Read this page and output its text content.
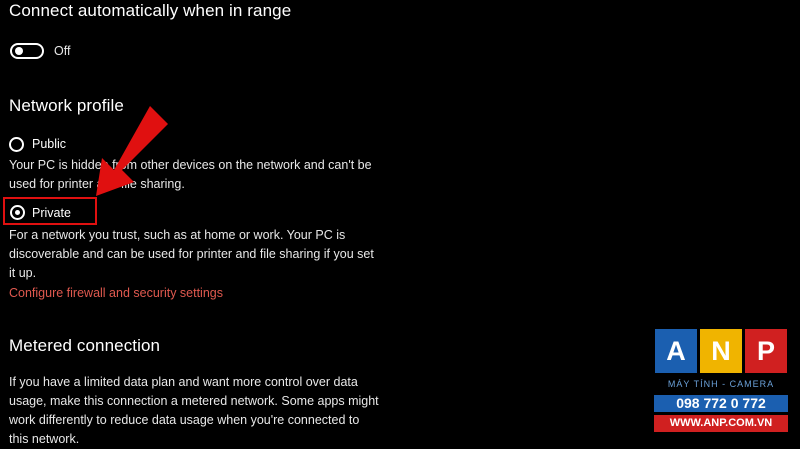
Connect automatically when in range
Off
Network profile
Public
Your PC is hidden from other devices on the network and can't be
used for printer and file sharing.
Private
For a network you trust, such as at home or work. Your PC is
discoverable and can be used for printer and file sharing if you set
it up.
Configure firewall and security settings
Metered connection
If you have a limited data plan and want more control over data
usage, make this connection a metered network. Some apps might
work differently to reduce data usage when you're connected to
this network.
A N P
MÁY TÍNH - CAMERA
098 772 0 772
WWW.ANP.COM.VN
